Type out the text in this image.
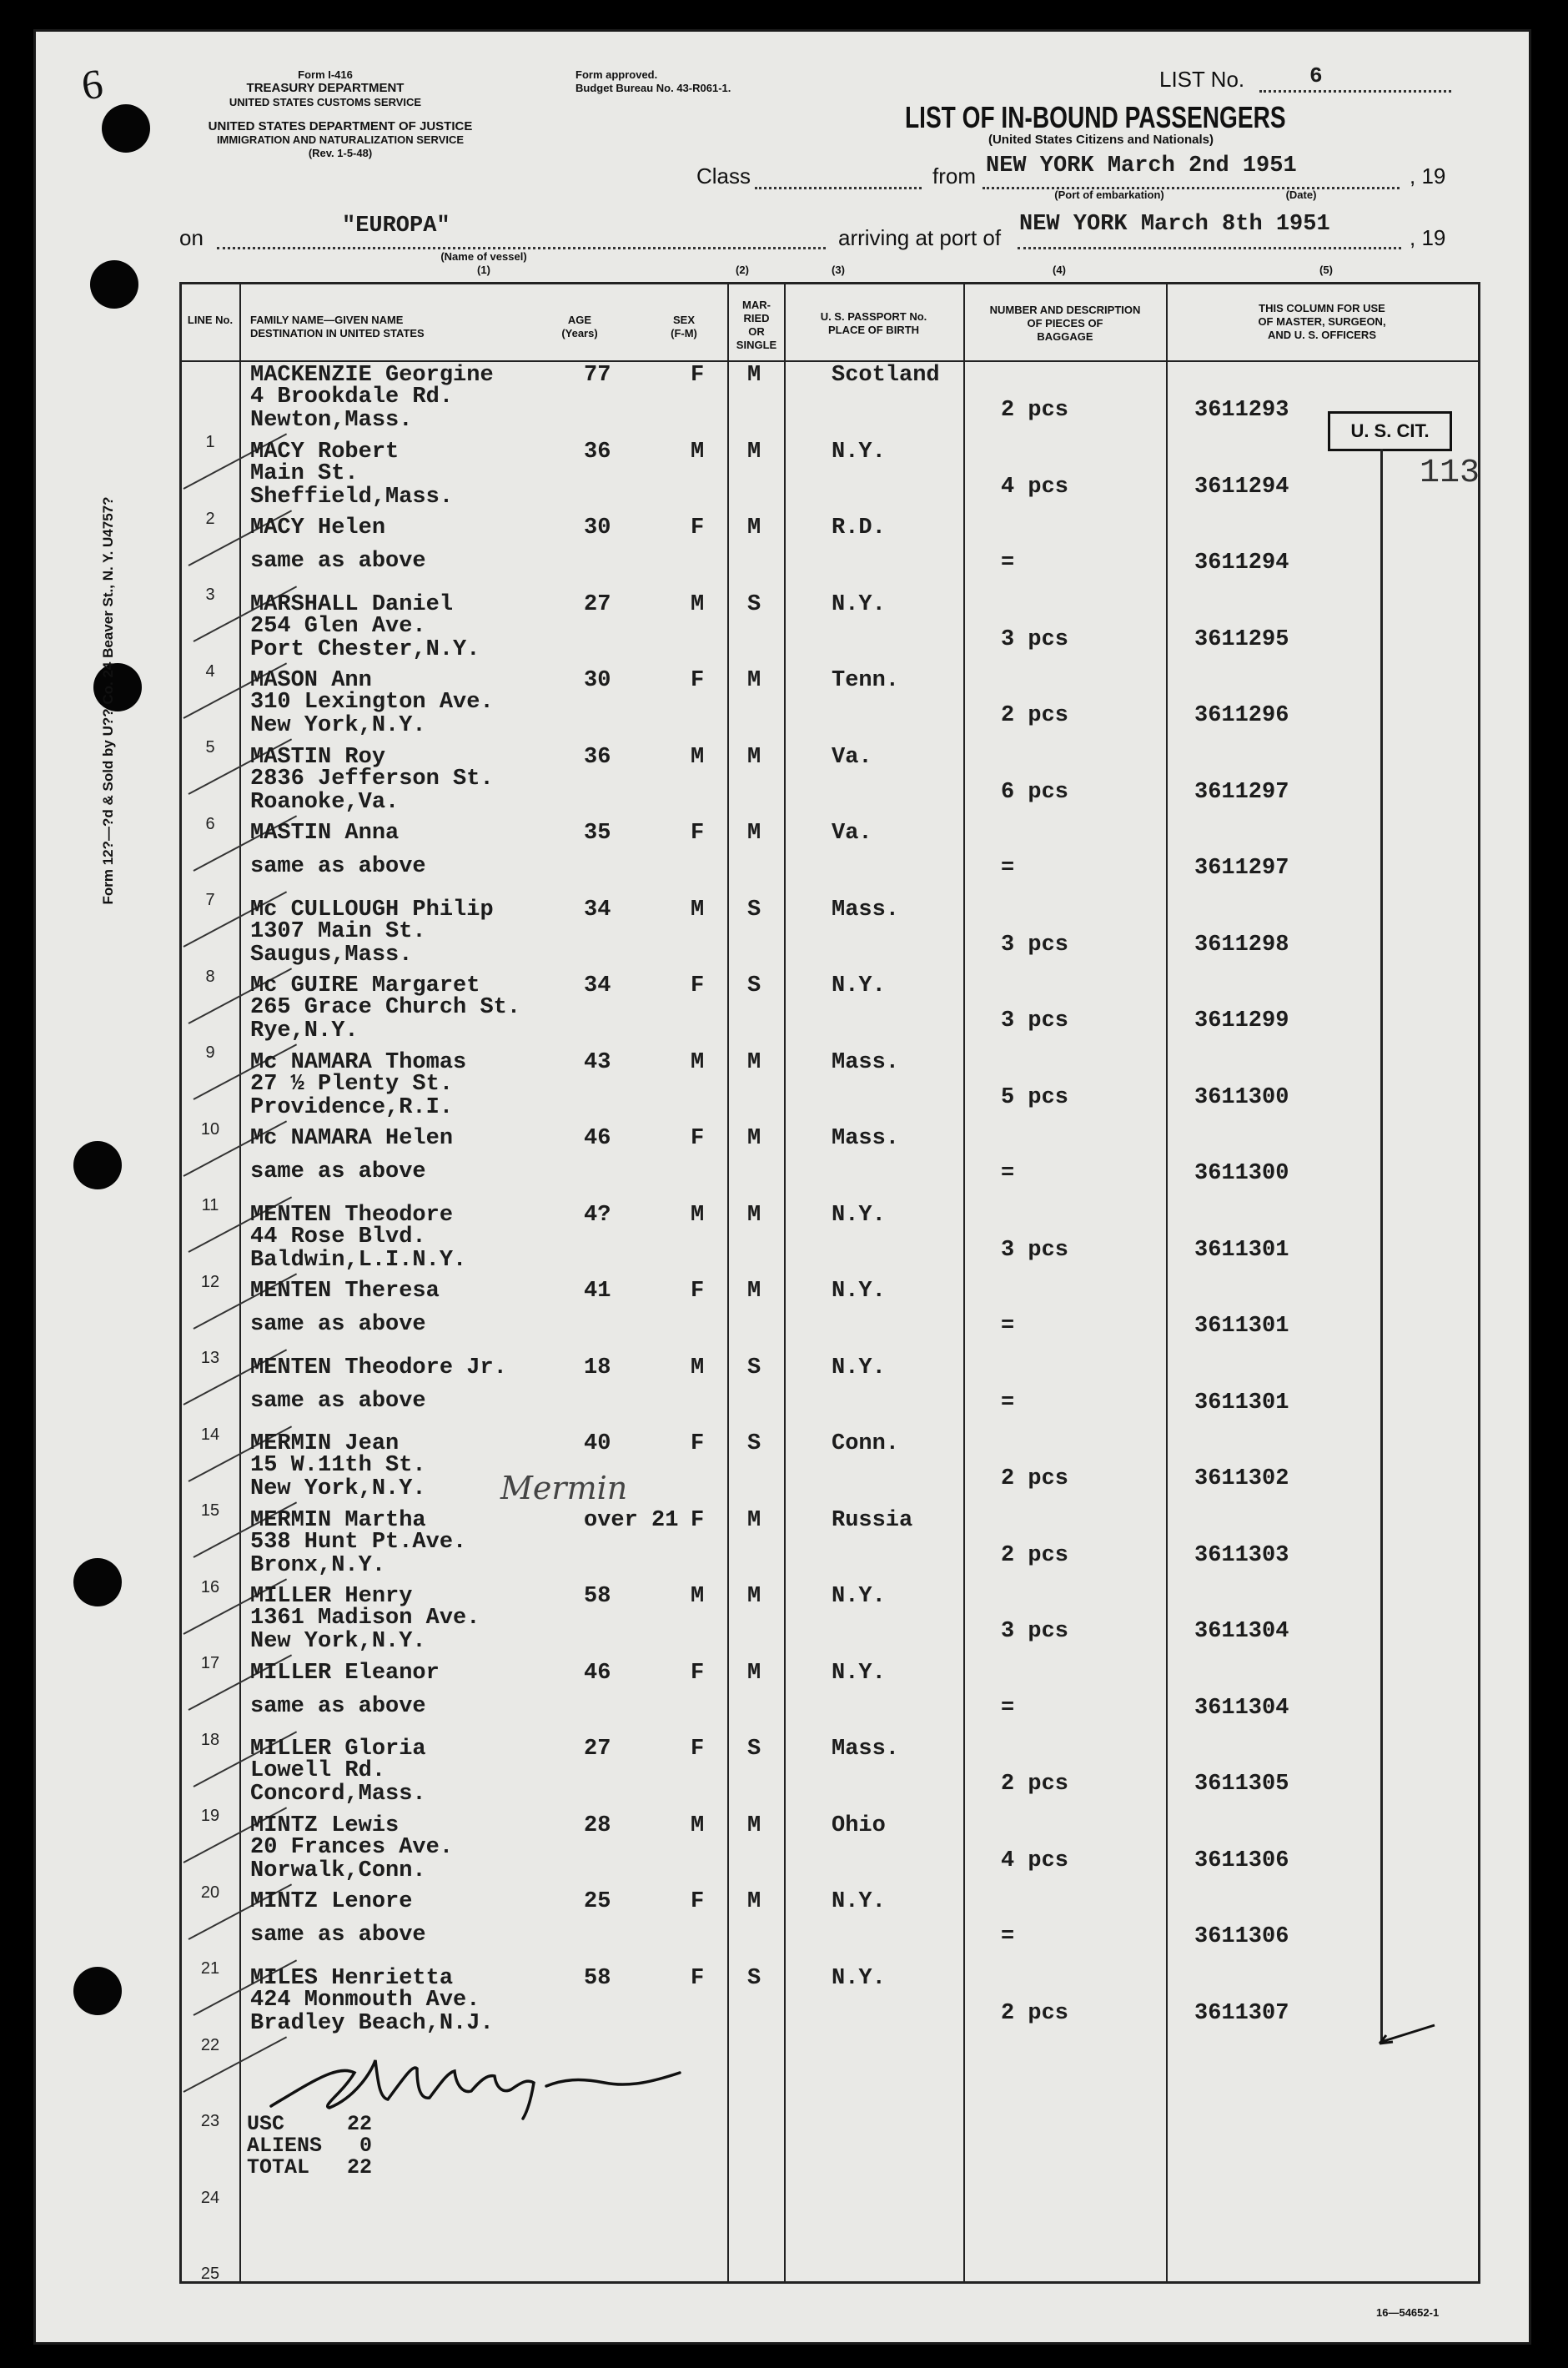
6
Form 12?—?d & Sold by U?? Co. 24 Beaver St., N. Y. U4757?
Form I-416
TREASURY DEPARTMENT
UNITED STATES CUSTOMS SERVICE
UNITED STATES DEPARTMENT OF JUSTICE
IMMIGRATION AND NATURALIZATION SERVICE
(Rev. 1-5-48)
Form approved.
Budget Bureau No. 43-R061-1.	LIST No.	6
LIST OF IN-BOUND PASSENGERS
(United States Citizens and Nationals)
Class	from NEW YORK March 2nd 1951	, 19
(Port of embarkation)	(Date)
on	"EUROPA"
(Name of vessel)
(1)
arriving at port of
NEW YORK March 8th 1951
, 19
(2)	(3)	(4)	(5)
LINE No.	FAMILY NAME—GIVEN NAME
DESTINATION IN UNITED STATES
AGE
(Years)
SEX
(F-M)
MAR-
RIED
OR
SINGLE
U. S. PASSPORT No.
PLACE OF BIRTH
NUMBER AND DESCRIPTION
OF PIECES OF
BAGGAGE
THIS COLUMN FOR USE
OF MASTER, SURGEON,
AND U. S. OFFICERS
1
MACKENZIE Georgine
4 Brookdale Rd.
Newton,Mass.
77	F M	Scotland
2 pcs	3611293
2
MACY Robert
Main St.
Sheffield,Mass.
36	M M	N.Y.
4 pcs	3611294
3
MACY Helen
same as above
30	F M	R.D.
=	3611294
4
MARSHALL Daniel
254 Glen Ave.
Port Chester,N.Y.
27	M S	N.Y.
3 pcs	3611295
5
MASON Ann
310 Lexington Ave.
New York,N.Y.
30	F M	Tenn.
2 pcs	3611296
6
MASTIN Roy
2836 Jefferson St.
Roanoke,Va.
36	M M	Va.
6 pcs	3611297
7
MASTIN Anna
same as above
35	F M	Va.
=	3611297
8
Mc CULLOUGH Philip
1307 Main St.
Saugus,Mass.
34	M S	Mass.
3 pcs	3611298
9
Mc GUIRE Margaret
265 Grace Church St.
Rye,N.Y.
34	F S	N.Y.
3 pcs	3611299
10
Mc NAMARA Thomas
27 ½ Plenty St.
Providence,R.I.
43	M M	Mass.
5 pcs	3611300
11
Mc NAMARA Helen
same as above
46	F M	Mass.
=	3611300
12
MENTEN Theodore
44 Rose Blvd.
Baldwin,L.I.N.Y.
4?	M M	N.Y.
3 pcs	3611301
13
MENTEN Theresa
same as above
41	F M	N.Y.
=	3611301
14
MENTEN Theodore Jr.
same as above
18	M S	N.Y.
=	3611301
15
MERMIN Jean
15 W.11th St.
New York,N.Y.
40	F S	Conn.
2 pcs	3611302
16
MERMIN Martha
538 Hunt Pt.Ave.
Bronx,N.Y.
over 21 F M	Russia
2 pcs	3611303
17
MILLER Henry
1361 Madison Ave.
New York,N.Y.
58	M M	N.Y.
3 pcs	3611304
18
MILLER Eleanor
same as above
46	F M	N.Y.
=	3611304
19
MILLER Gloria
Lowell Rd.
Concord,Mass.
27	F S	Mass.
2 pcs	3611305
20
MINTZ Lewis
20 Frances Ave.
Norwalk,Conn.
28	M M	Ohio
4 pcs	3611306
21
MINTZ Lenore
same as above
25	F M	N.Y.
=	3611306
22
MILES Henrietta
424 Monmouth Ave.
Bradley Beach,N.J.
58	F S	N.Y.
2 pcs	3611307
23
24
25
Mermin
U. S. CIT.
113
USC	22
ALIENS 0
TOTAL 22
16—54652-1
